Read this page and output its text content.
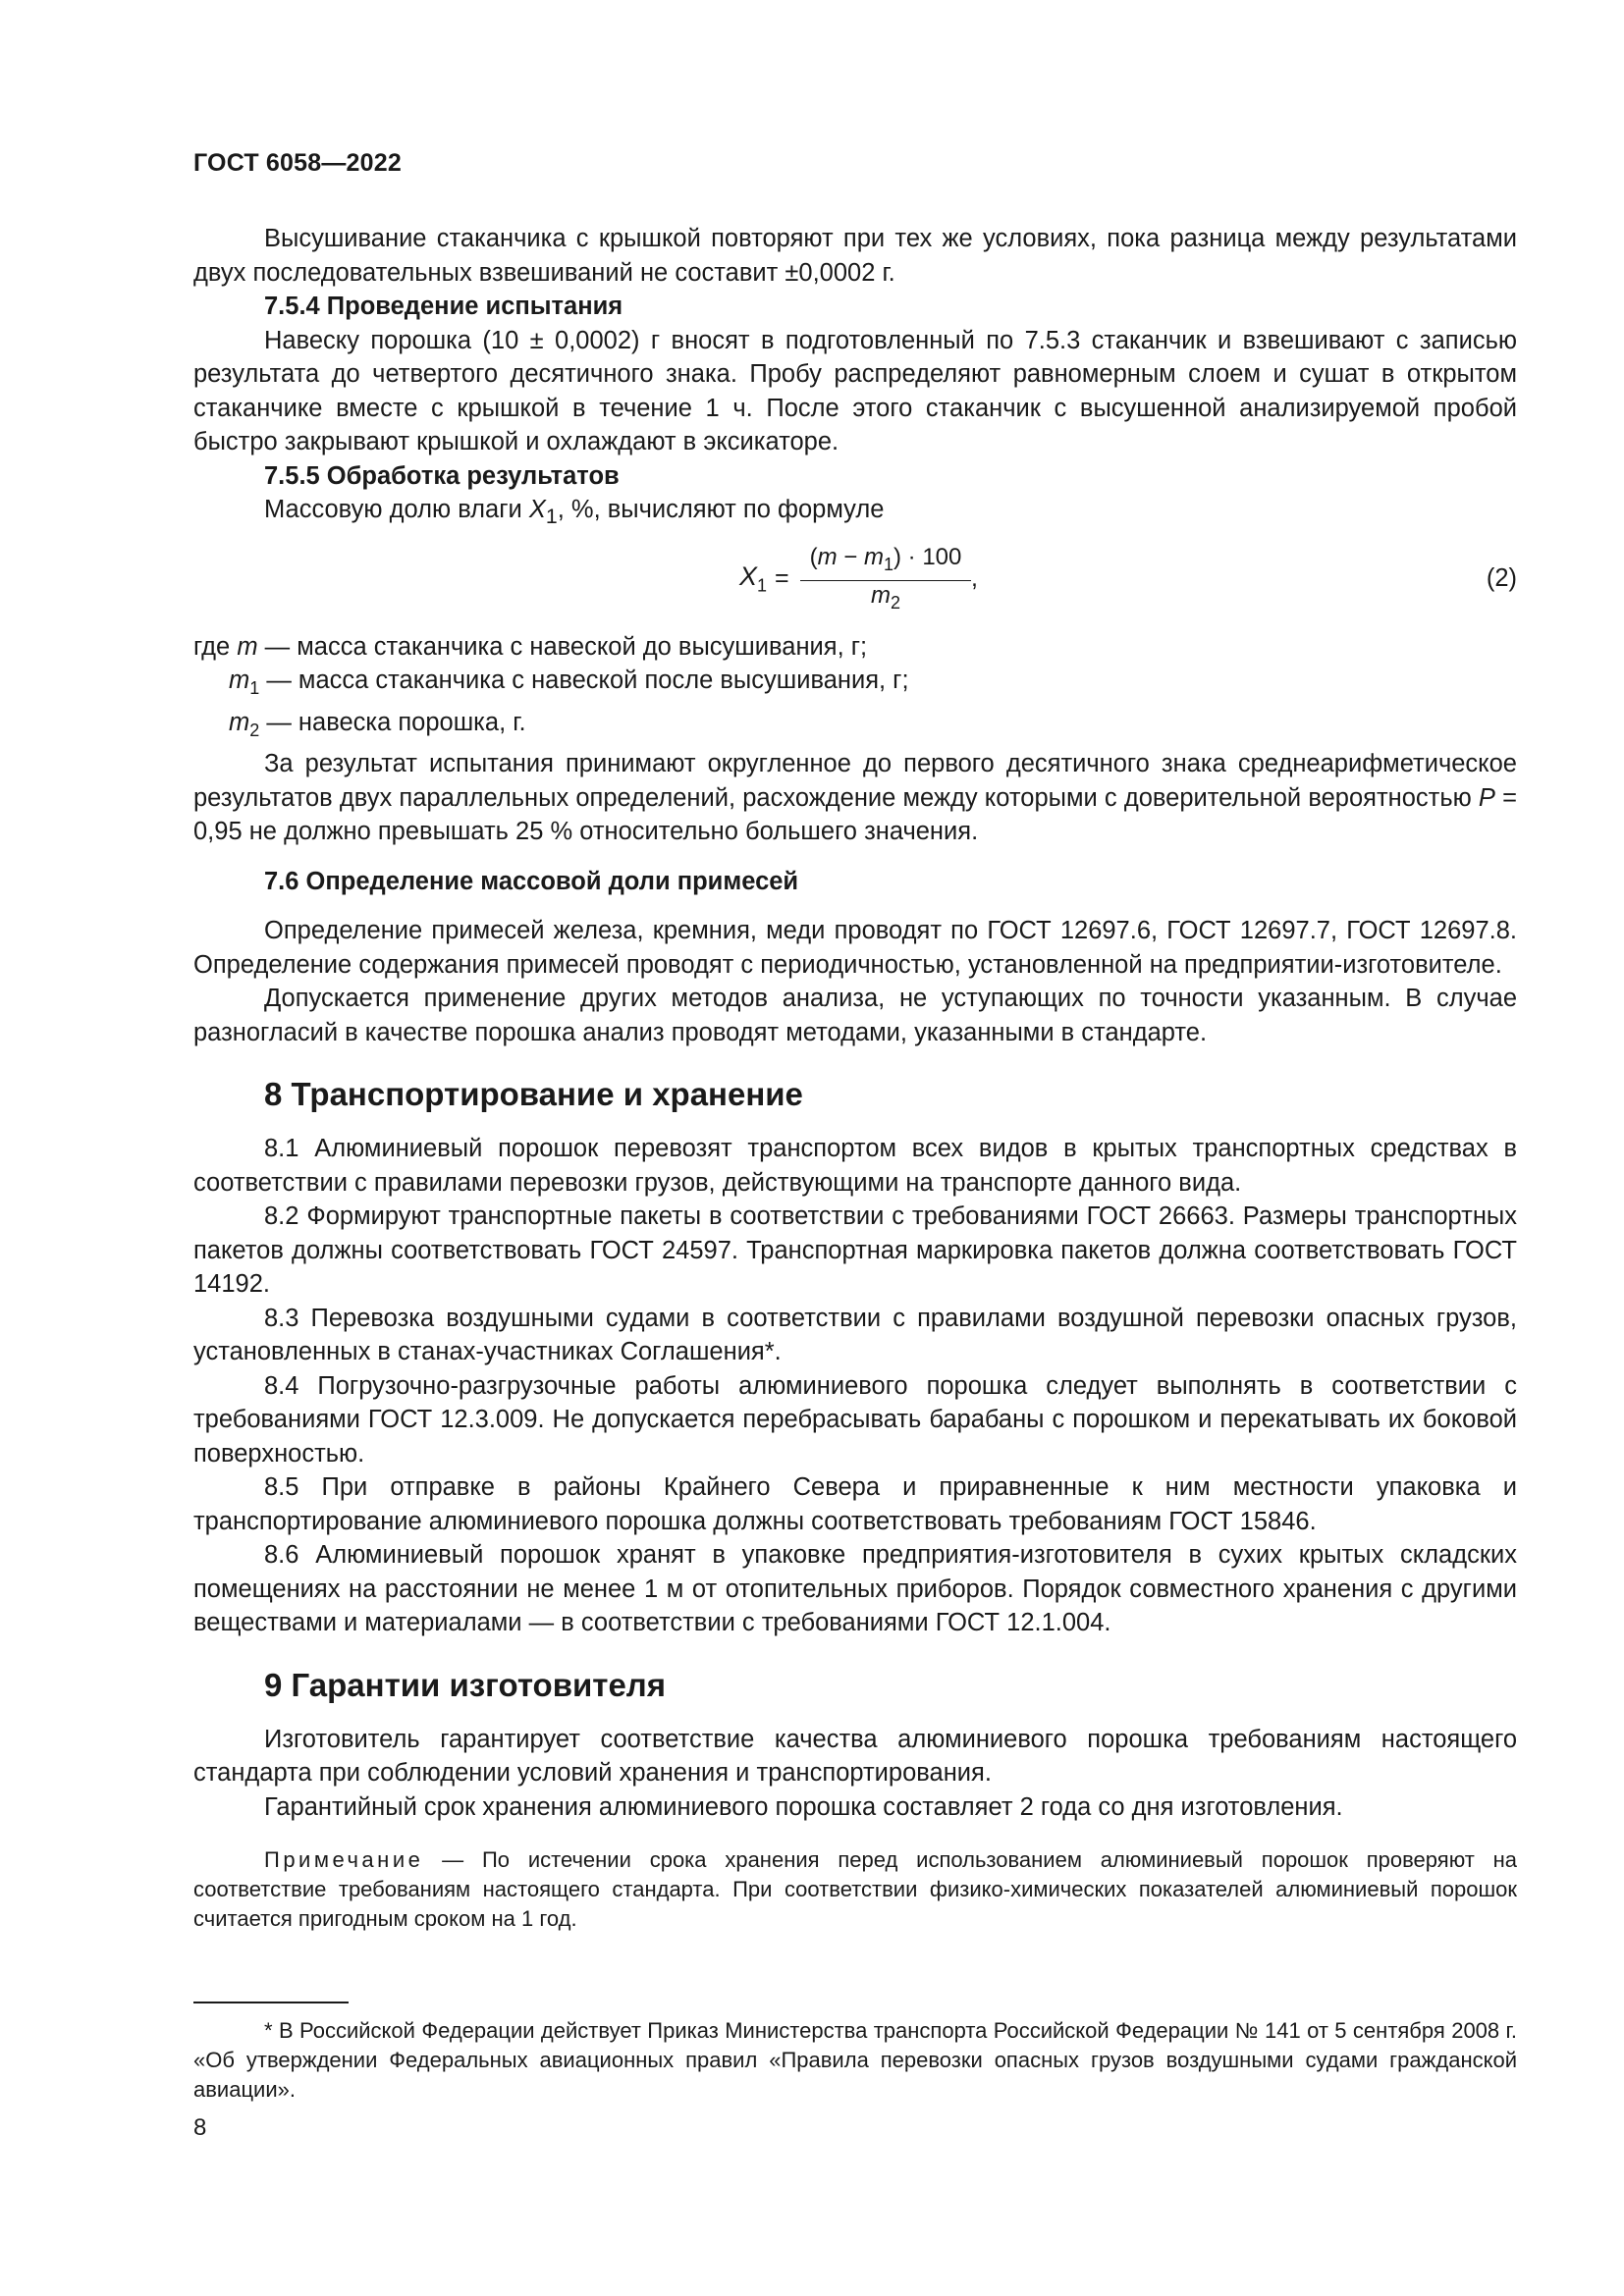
ГОСТ 6058—2022

Высушивание стаканчика с крышкой повторяют при тех же условиях, пока разница между результатами двух последовательных взвешиваний не составит ±0,0002 г.

7.5.4 Проведение испытания

Навеску порошка (10 ± 0,0002) г вносят в подготовленный по 7.5.3 стаканчик и взвешивают с записью результата до четвертого десятичного знака. Пробу распределяют равномерным слоем и сушат в открытом стаканчике вместе с крышкой в течение 1 ч. После этого стаканчик с высушенной анализируемой пробой быстро закрывают крышкой и охлаждают в эксикаторе.

7.5.5 Обработка результатов

Массовую долю влаги $X_1$, %, вычисляют по формуле

$X_1 = \frac{(m - m_1) \cdot 100}{m_2}$ ,	(2)

где m — масса стаканчика с навеской до высушивания, г;

$m_1$ — масса стаканчика с навеской после высушивания, г;

$m_2$ — навеска порошка, г.

За результат испытания принимают округленное до первого десятичного знака среднеарифметическое результатов двух параллельных определений, расхождение между которыми с доверительной вероятностью P = 0,95 не должно превышать 25 % относительно большего значения.

7.6 Определение массовой доли примесей

Определение примесей железа, кремния, меди проводят по ГОСТ 12697.6, ГОСТ 12697.7, ГОСТ 12697.8. Определение содержания примесей проводят с периодичностью, установленной на предприятии-изготовителе.

Допускается применение других методов анализа, не уступающих по точности указанным. В случае разногласий в качестве порошка анализ проводят методами, указанными в стандарте.

8 Транспортирование и хранение

8.1 Алюминиевый порошок перевозят транспортом всех видов в крытых транспортных средствах в соответствии с правилами перевозки грузов, действующими на транспорте данного вида.

8.2 Формируют транспортные пакеты в соответствии с требованиями ГОСТ 26663. Размеры транспортных пакетов должны соответствовать ГОСТ 24597. Транспортная маркировка пакетов должна соответствовать ГОСТ 14192.

8.3 Перевозка воздушными судами в соответствии с правилами воздушной перевозки опасных грузов, установленных в станах-участниках Соглашения*.

8.4 Погрузочно-разгрузочные работы алюминиевого порошка следует выполнять в соответствии с требованиями ГОСТ 12.3.009. Не допускается перебрасывать барабаны с порошком и перекатывать их боковой поверхностью.

8.5 При отправке в районы Крайнего Севера и приравненные к ним местности упаковка и транспортирование алюминиевого порошка должны соответствовать требованиям ГОСТ 15846.

8.6 Алюминиевый порошок хранят в упаковке предприятия-изготовителя в сухих крытых складских помещениях на расстоянии не менее 1 м от отопительных приборов. Порядок совместного хранения с другими веществами и материалами — в соответствии с требованиями ГОСТ 12.1.004.

9 Гарантии изготовителя

Изготовитель гарантирует соответствие качества алюминиевого порошка требованиям настоящего стандарта при соблюдении условий хранения и транспортирования.

Гарантийный срок хранения алюминиевого порошка составляет 2 года со дня изготовления.

Примечание — По истечении срока хранения перед использованием алюминиевый порошок проверяют на соответствие требованиям настоящего стандарта. При соответствии физико-химических показателей алюминиевый порошок считается пригодным сроком на 1 год.

* В Российской Федерации действует Приказ Министерства транспорта Российской Федерации № 141 от 5 сентября 2008 г. «Об утверждении Федеральных авиационных правил «Правила перевозки опасных грузов воздушными судами гражданской авиации».
8
